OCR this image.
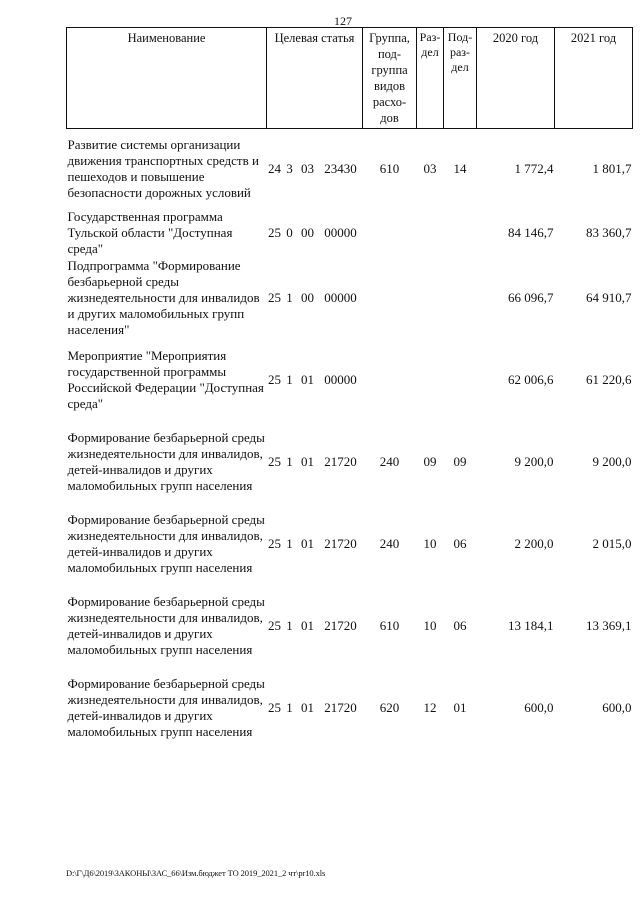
127
Наименование	Целевая статья				Группа, под-группа видов расхо-дов	Раз-дел	Под-раз-дел	2020 год	2021 год
Развитие системы организации движения транспортных средств и пешеходов и повышение безопасности дорожных условий	24	3	03	23430	610	03	14	1 772,4	1 801,7
Государственная программа Тульской области "Доступная среда"	25	0	00	00000				84 146,7	83 360,7
Подпрограмма "Формирование безбарьерной среды жизнедеятельности для инвалидов и других маломобильных групп населения"	25	1	00	00000				66 096,7	64 910,7
Мероприятие "Мероприятия государственной программы Российской Федерации "Доступная среда"	25	1	01	00000				62 006,6	61 220,6
Формирование безбарьерной среды жизнедеятельности для инвалидов, детей-инвалидов и других маломобильных групп населения	25	1	01	21720	240	09	09	9 200,0	9 200,0
Формирование безбарьерной среды жизнедеятельности для инвалидов, детей-инвалидов и других маломобильных групп населения	25	1	01	21720	240	10	06	2 200,0	2 015,0
Формирование безбарьерной среды жизнедеятельности для инвалидов, детей-инвалидов и других маломобильных групп населения	25	1	01	21720	610	10	06	13 184,1	13 369,1
Формирование безбарьерной среды жизнедеятельности для инвалидов, детей-инвалидов и других маломобильных групп населения	25	1	01	21720	620	12	01	600,0	600,0
D:\Г\Д6\2019\ЗАКОНЫ\ЗАС_66\Изм.бюджет ТО 2019_2021_2 чт\pr10.xls
